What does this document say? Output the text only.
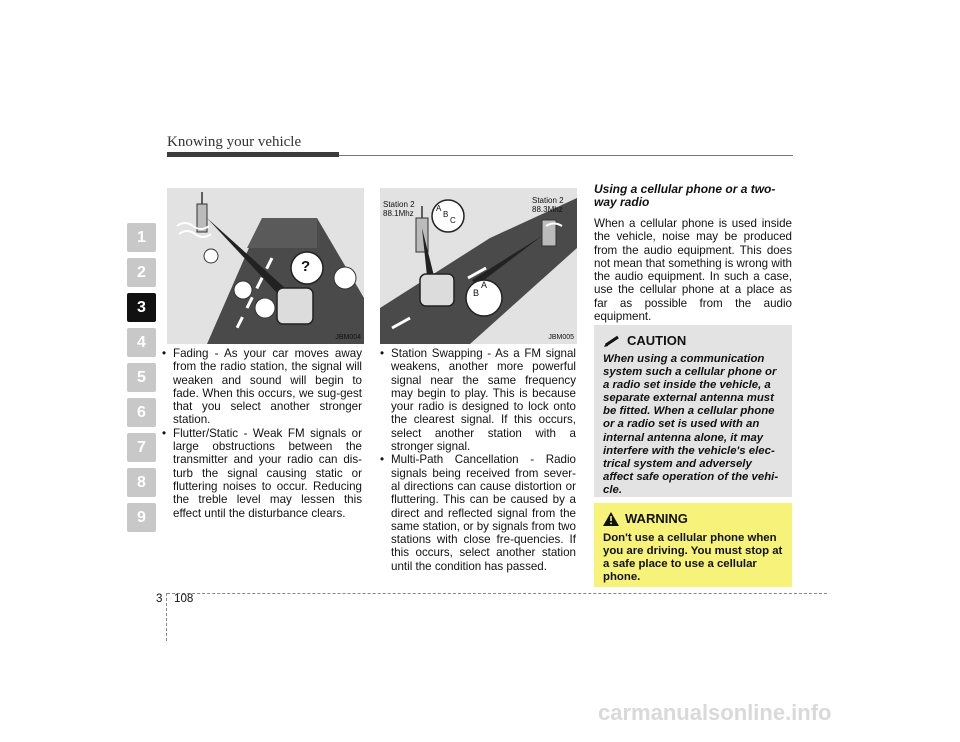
Knowing your vehicle
1
2
3
4
5
6
7
8
9
?
JBM004
Station 2
88.1Mhz
Station 2
88.3Mhz
A
B
C
A
B
JBM005
• Fading - As your car moves away from the radio station, the signal will weaken and sound will begin to fade. When this occurs, we sug-gest that you select another stronger station.
• Flutter/Static - Weak FM signals or large obstructions between the transmitter and your radio can dis-turb the signal causing static or fluttering noises to occur. Reducing the treble level may lessen this effect until the disturbance clears.
• Station Swapping - As a FM signal weakens, another more powerful signal near the same frequency may begin to play. This is because your radio is designed to lock onto the clearest signal. If this occurs, select another station with a stronger signal.
• Multi-Path Cancellation - Radio signals being received from sever-al directions can cause distortion or fluttering. This can be caused by a direct and reflected signal from the same station, or by signals from two stations with close fre-quencies. If this occurs, select another station until the condition has passed.
Using a cellular phone or a two-way radio
When a cellular phone is used inside the vehicle, noise may be produced from the audio equipment. This does not mean that something is wrong with the audio equipment. In such a case, use the cellular phone at a place as far as possible from the audio equipment.
CAUTION
When using a communication system such a cellular phone or a radio set inside the vehicle, a separate external antenna must be fitted. When a cellular phone or a radio set is used with an internal antenna alone, it may interfere with the vehicle's elec-trical system and adversely affect safe operation of the vehi-cle.
WARNING
Don't use a cellular phone when you are driving. You must stop at a safe place to use a cellular phone.
3 108
carmanualsonline.info
